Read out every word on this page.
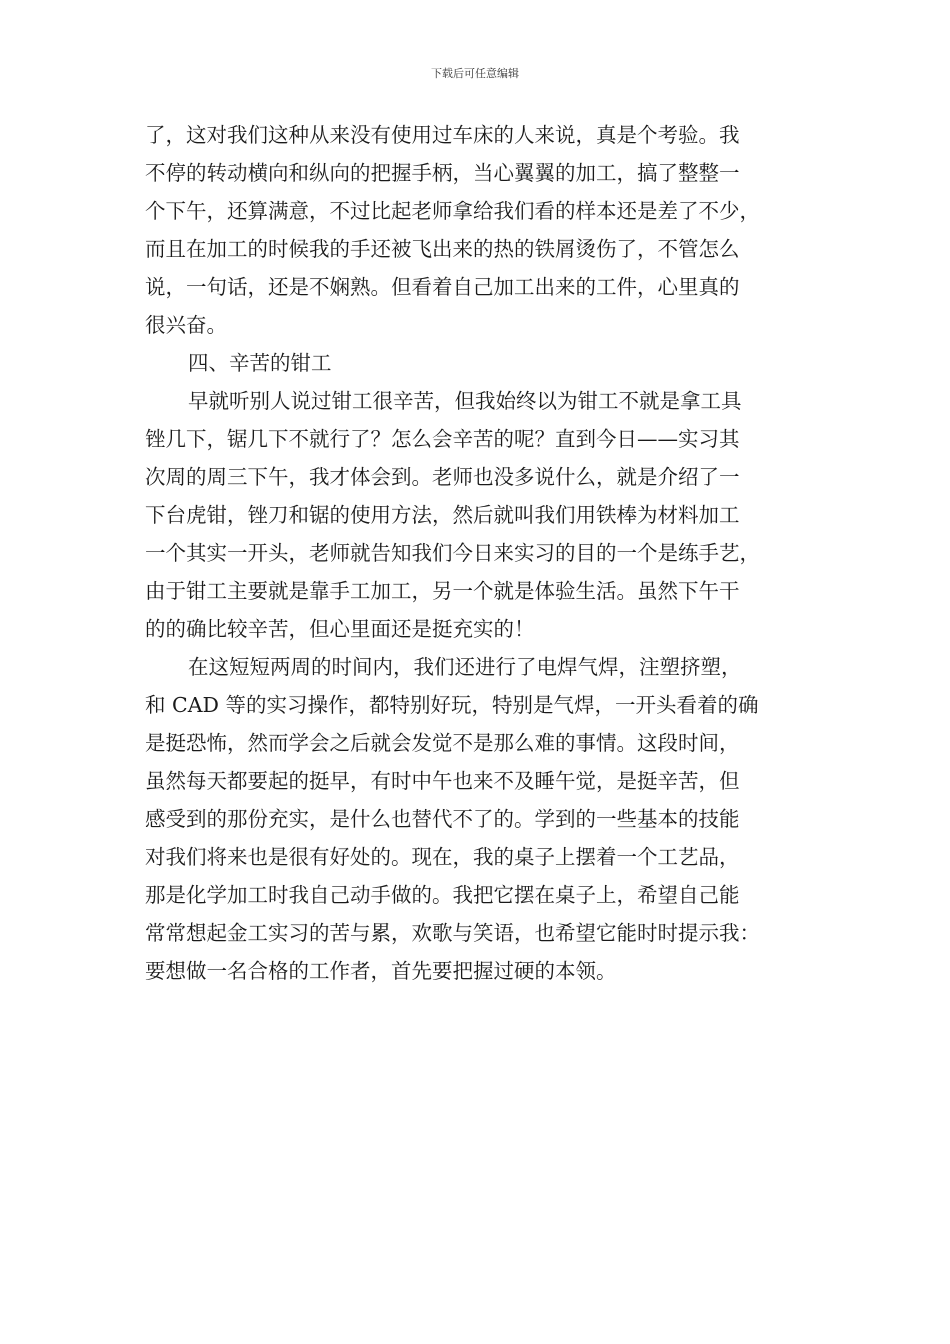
下载后可任意编辑
了，这对我们这种从来没有使用过车床的人来说，真是个考验。我
不停的转动横向和纵向的把握手柄，当心翼翼的加工，搞了整整一
个下午，还算满意，不过比起老师拿给我们看的样本还是差了不少，
而且在加工的时候我的手还被飞出来的热的铁屑烫伤了，不管怎么
说，一句话，还是不娴熟。但看着自己加工出来的工件，心里真的
很兴奋。
四、辛苦的钳工
早就听别人说过钳工很辛苦，但我始终以为钳工不就是拿工具
锉几下，锯几下不就行了？怎么会辛苦的呢？直到今日——实习其
次周的周三下午，我才体会到。老师也没多说什么，就是介绍了一
下台虎钳，锉刀和锯的使用方法，然后就叫我们用铁棒为材料加工
一个其实一开头，老师就告知我们今日来实习的目的一个是练手艺，
由于钳工主要就是靠手工加工，另一个就是体验生活。虽然下午干
的的确比较辛苦，但心里面还是挺充实的！
在这短短两周的时间内，我们还进行了电焊气焊，注塑挤塑，
和 CAD 等的实习操作，都特别好玩，特别是气焊，一开头看着的确
是挺恐怖，然而学会之后就会发觉不是那么难的事情。这段时间，
虽然每天都要起的挺早，有时中午也来不及睡午觉，是挺辛苦，但
感受到的那份充实，是什么也替代不了的。学到的一些基本的技能
对我们将来也是很有好处的。现在，我的桌子上摆着一个工艺品，
那是化学加工时我自己动手做的。我把它摆在桌子上，希望自己能
常常想起金工实习的苦与累，欢歌与笑语，也希望它能时时提示我：
要想做一名合格的工作者，首先要把握过硬的本领。
